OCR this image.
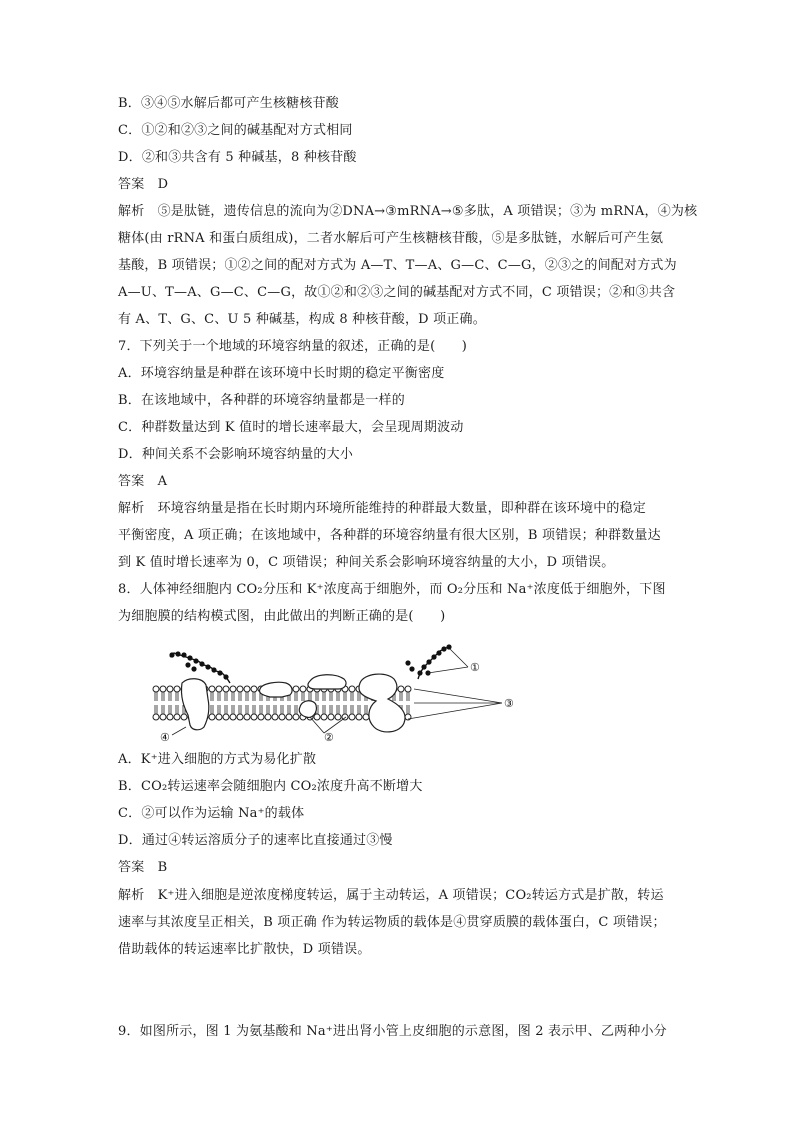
B．③④⑤水解后都可产生核糖核苷酸
C．①②和②③之间的碱基配对方式相同
D．②和③共含有 5 种碱基，8 种核苷酸
答案　D
解析　⑤是肽链，遗传信息的流向为②DNA→③mRNA→⑤多肽，A 项错误；③为 mRNA，④为核
糖体(由 rRNA 和蛋白质组成)，二者水解后可产生核糖核苷酸，⑤是多肽链，水解后可产生氨
基酸，B 项错误；①②之间的配对方式为 A—T、T—A、G—C、C—G，②③之的间配对方式为
A—U、T—A、G—C、C—G，故①②和②③之间的碱基配对方式不同，C 项错误；②和③共含
有 A、T、G、C、U 5 种碱基，构成 8 种核苷酸，D 项正确。
7．下列关于一个地域的环境容纳量的叙述，正确的是(　　)
A．环境容纳量是种群在该环境中长时期的稳定平衡密度
B．在该地域中，各种群的环境容纳量都是一样的
C．种群数量达到 K 值时的增长速率最大，会呈现周期波动
D．种间关系不会影响环境容纳量的大小
答案　A
解析　环境容纳量是指在长时期内环境所能维持的种群最大数量，即种群在该环境中的稳定
平衡密度，A 项正确；在该地域中，各种群的环境容纳量有很大区别，B 项错误；种群数量达
到 K 值时增长速率为 0，C 项错误；种间关系会影响环境容纳量的大小，D 项错误。
8．人体神经细胞内 CO₂分压和 K⁺浓度高于细胞外，而 O₂分压和 Na⁺浓度低于细胞外，下图
为细胞膜的结构模式图，由此做出的判断正确的是(　　)
A．K⁺进入细胞的方式为易化扩散
B．CO₂转运速率会随细胞内 CO₂浓度升高不断增大
C．②可以作为运输 Na⁺的载体
D．通过④转运溶质分子的速率比直接通过③慢
答案　B
解析　K⁺进入细胞是逆浓度梯度转运，属于主动转运，A 项错误；CO₂转运方式是扩散，转运
速率与其浓度呈正相关，B 项正确 作为转运物质的载体是④贯穿质膜的载体蛋白，C 项错误；
借助载体的转运速率比扩散快，D 项错误。
9．如图所示，图 1 为氨基酸和 Na⁺进出肾小管上皮细胞的示意图，图 2 表示甲、乙两种小分
①
②
③
④
